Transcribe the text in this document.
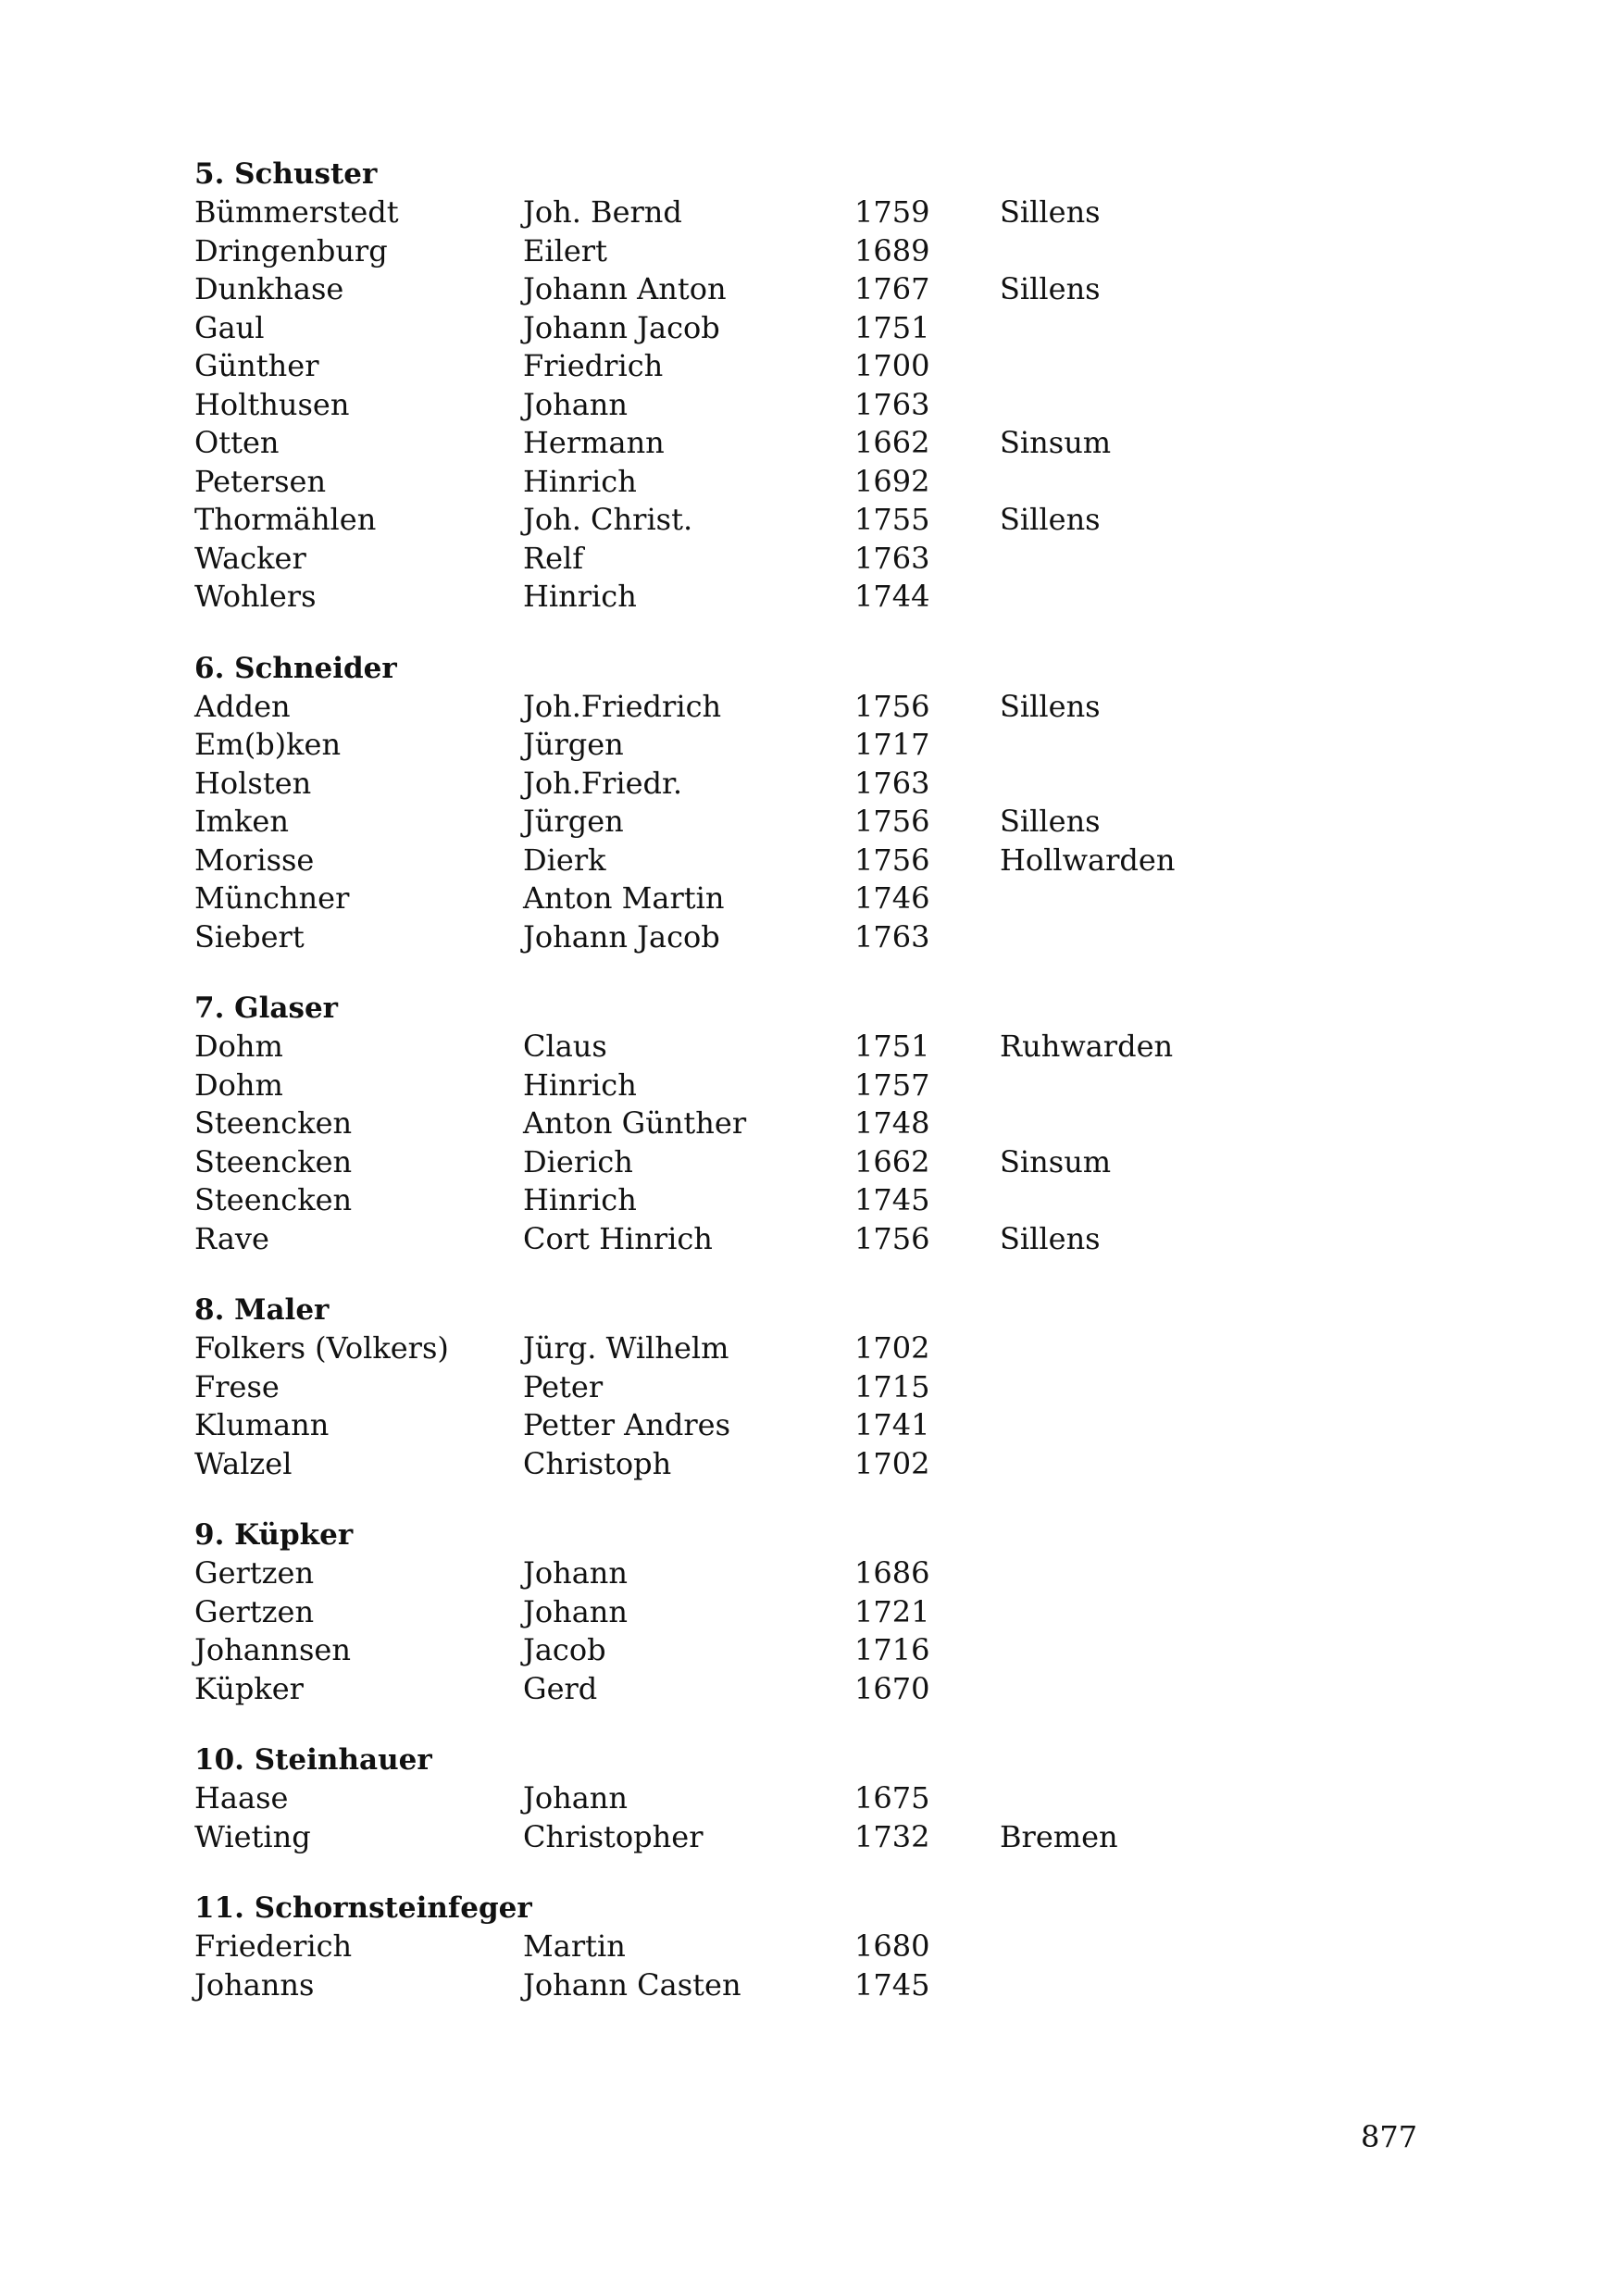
5. Schuster
Bümmerstedt	Joh. Bernd	1759	Sillens
Dringenburg	Eilert	1689
Dunkhase	Johann Anton	1767	Sillens
Gaul	Johann Jacob	1751
Günther	Friedrich	1700
Holthusen	Johann	1763
Otten	Hermann	1662	Sinsum
Petersen	Hinrich	1692
Thormählen	Joh. Christ.	1755	Sillens
Wacker	Relf	1763
Wohlers	Hinrich	1744
6. Schneider
Adden	Joh.Friedrich	1756	Sillens
Em(b)ken	Jürgen	1717
Holsten	Joh.Friedr.	1763
Imken	Jürgen	1756	Sillens
Morisse	Dierk	1756	Hollwarden
Münchner	Anton Martin	1746
Siebert	Johann Jacob	1763
7. Glaser
Dohm	Claus	1751	Ruhwarden
Dohm	Hinrich	1757
Steencken	Anton Günther	1748
Steencken	Dierich	1662	Sinsum
Steencken	Hinrich	1745
Rave	Cort Hinrich	1756	Sillens
8. Maler
Folkers (Volkers)	Jürg. Wilhelm	1702
Frese	Peter	1715
Klumann	Petter Andres	1741
Walzel	Christoph	1702
9. Küpker
Gertzen	Johann	1686
Gertzen	Johann	1721
Johannsen	Jacob	1716
Küpker	Gerd	1670
10. Steinhauer
Haase	Johann	1675
Wieting	Christopher	1732	Bremen
11. Schornsteinfeger
Friederich	Martin	1680
Johanns	Johann Casten	1745
877
